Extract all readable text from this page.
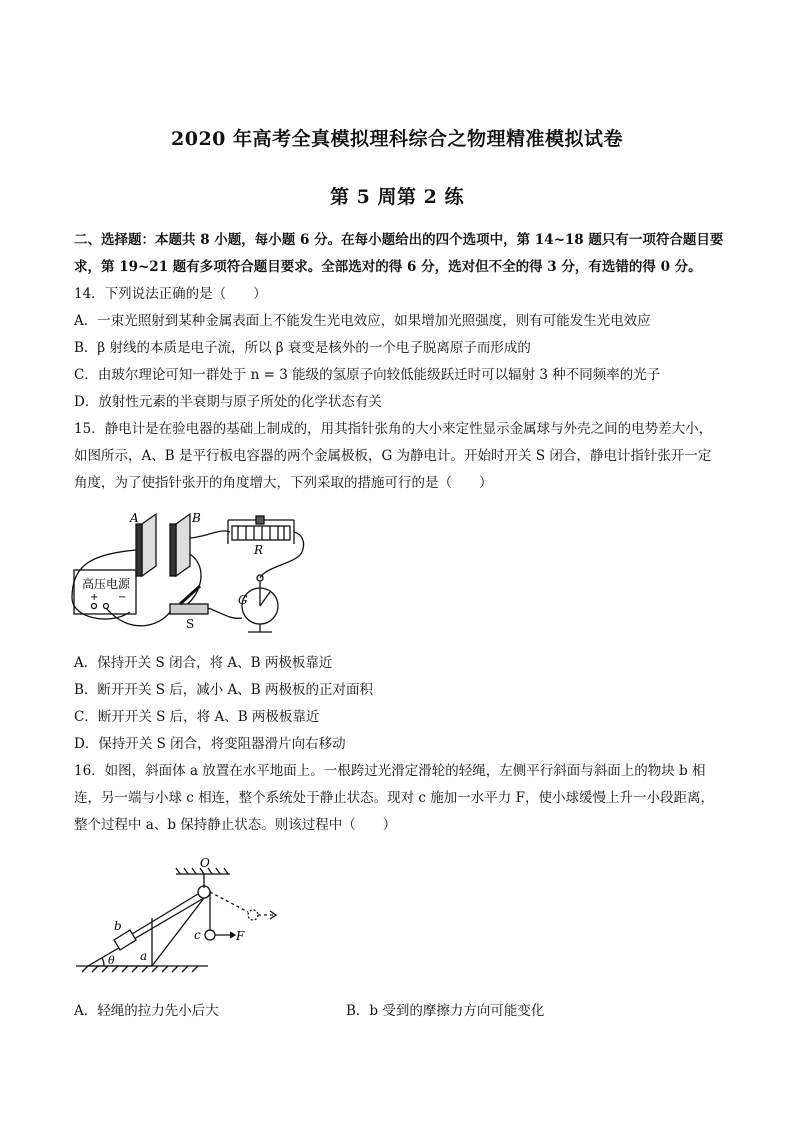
2020 年高考全真模拟理科综合之物理精准模拟试卷
第 5 周第 2 练
二、选择题：本题共 8 小题，每小题 6 分。在每小题给出的四个选项中，第 14~18 题只有一项符合题目要
求，第 19~21 题有多项符合题目要求。全部选对的得 6 分，选对但不全的得 3 分，有选错的得 0 分。
14．下列说法正确的是（　　）
A．一束光照射到某种金属表面上不能发生光电效应，如果增加光照强度，则有可能发生光电效应
B．β 射线的本质是电子流，所以 β 衰变是核外的一个电子脱离原子而形成的
C．由玻尔理论可知一群处于 n = 3 能级的氢原子向较低能级跃迁时可以辐射 3 种不同频率的光子
D．放射性元素的半衰期与原子所处的化学状态有关
15．静电计是在验电器的基础上制成的，用其指针张角的大小来定性显示金属球与外壳之间的电势差大小，
如图所示，A、B 是平行板电容器的两个金属极板，G 为静电计。开始时开关 S 闭合，静电计指针张开一定
角度，为了使指针张开的角度增大，下列采取的措施可行的是（　　）
A	B
R
G
S
高压电源
+ −
A．保持开关 S 闭合，将 A、B 两极板靠近
B．断开开关 S 后，减小 A、B 两极板的正对面积
C．断开开关 S 后，将 A、B 两极板靠近
D．保持开关 S 闭合，将变阻器滑片向右移动
16．如图，斜面体 a 放置在水平地面上。一根跨过光滑定滑轮的轻绳，左侧平行斜面与斜面上的物块 b 相
连，另一端与小球 c 相连，整个系统处于静止状态。现对 c 施加一水平力 F，使小球缓慢上升一小段距离，
整个过程中 a、b 保持静止状态。则该过程中（　　）
O
a
b
c	F
θ
A．轻绳的拉力先小后大	B．b 受到的摩擦力方向可能变化
